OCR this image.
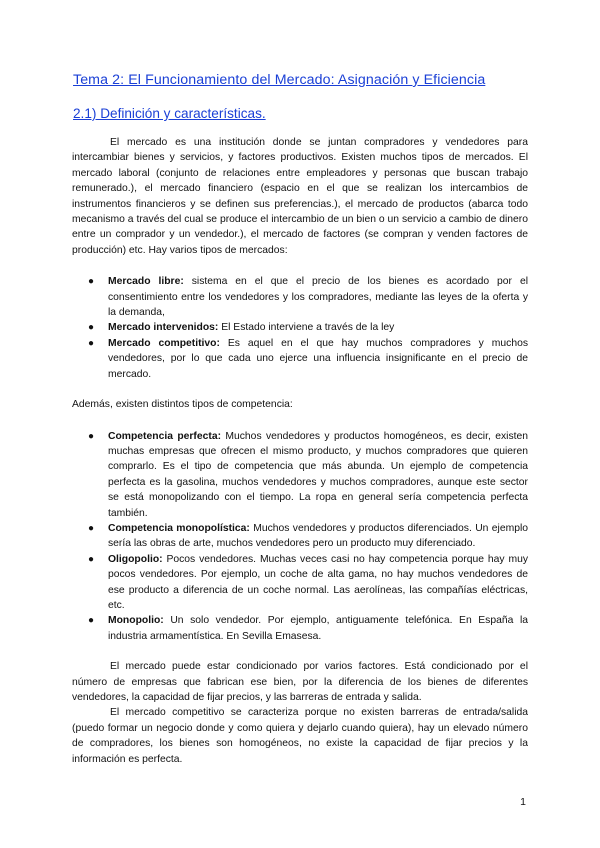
Tema 2: El Funcionamiento del Mercado: Asignación y Eficiencia
2.1) Definición y características.

El mercado es una institución donde se juntan compradores y vendedores para intercambiar bienes y servicios, y factores productivos. Existen muchos tipos de mercados. El mercado laboral (conjunto de relaciones entre empleadores y personas que buscan trabajo remunerado.), el mercado financiero (espacio en el que se realizan los intercambios de instrumentos financieros y se definen sus preferencias.), el mercado de productos (abarca todo mecanismo a través del cual se produce el intercambio de un bien o un servicio a cambio de dinero entre un comprador y un vendedor.), el mercado de factores (se compran y venden factores de producción) etc. Hay varios tipos de mercados:

● Mercado libre: sistema en el que el precio de los bienes es acordado por el consentimiento entre los vendedores y los compradores, mediante las leyes de la oferta y la demanda,
● Mercado intervenidos: El Estado interviene a través de la ley
● Mercado competitivo: Es aquel en el que hay muchos compradores y muchos vendedores, por lo que cada uno ejerce una influencia insignificante en el precio de mercado.

Además, existen distintos tipos de competencia:

● Competencia perfecta: Muchos vendedores y productos homogéneos, es decir, existen muchas empresas que ofrecen el mismo producto, y muchos compradores que quieren comprarlo. Es el tipo de competencia que más abunda. Un ejemplo de competencia perfecta es la gasolina, muchos vendedores y muchos compradores, aunque este sector se está monopolizando con el tiempo. La ropa en general sería competencia perfecta también.
● Competencia monopolística: Muchos vendedores y productos diferenciados. Un ejemplo sería las obras de arte, muchos vendedores pero un producto muy diferenciado.
● Oligopolio: Pocos vendedores. Muchas veces casi no hay competencia porque hay muy pocos vendedores. Por ejemplo, un coche de alta gama, no hay muchos vendedores de ese producto a diferencia de un coche normal. Las aerolíneas, las compañías eléctricas, etc.
● Monopolio: Un solo vendedor. Por ejemplo, antiguamente telefónica. En España la industria armamentística. En Sevilla Emasesa.

El mercado puede estar condicionado por varios factores. Está condicionado por el número de empresas que fabrican ese bien, por la diferencia de los bienes de diferentes vendedores, la capacidad de fijar precios, y las barreras de entrada y salida.

El mercado competitivo se caracteriza porque no existen barreras de entrada/salida (puedo formar un negocio donde y como quiera y dejarlo cuando quiera), hay un elevado número de compradores, los bienes son homogéneos, no existe la capacidad de fijar precios y la información es perfecta.

1
